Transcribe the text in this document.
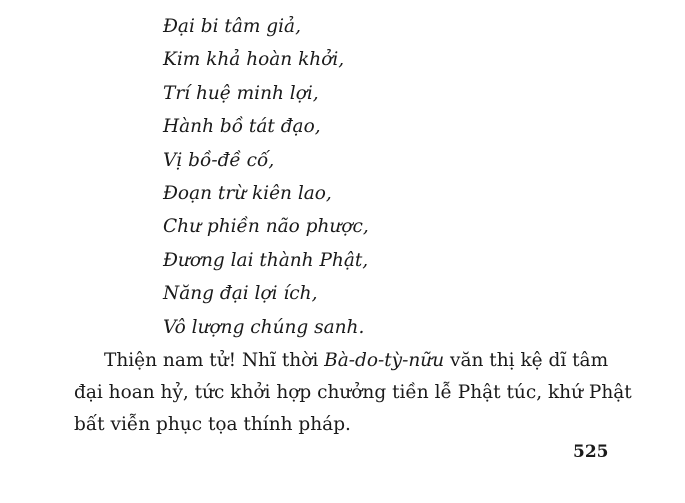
Đại bi tâm giả,
Kim khả hoàn khởi,
Trí huệ minh lợi,
Hành bồ tát đạo,
Vị bồ-đề cố,
Đoạn trừ kiên lao,
Chư phiền não phược,
Đương lai thành Phật,
Năng đại lợi ích,
Vô lượng chúng sanh.
Thiện nam tử! Nhĩ thời Bà-do-tỳ-nữu văn thị kệ dĩ tâm
đại hoan hỷ, tức khởi hợp chưởng tiền lễ Phật túc, khứ Phật
bất viễn phục tọa thính pháp.
525
